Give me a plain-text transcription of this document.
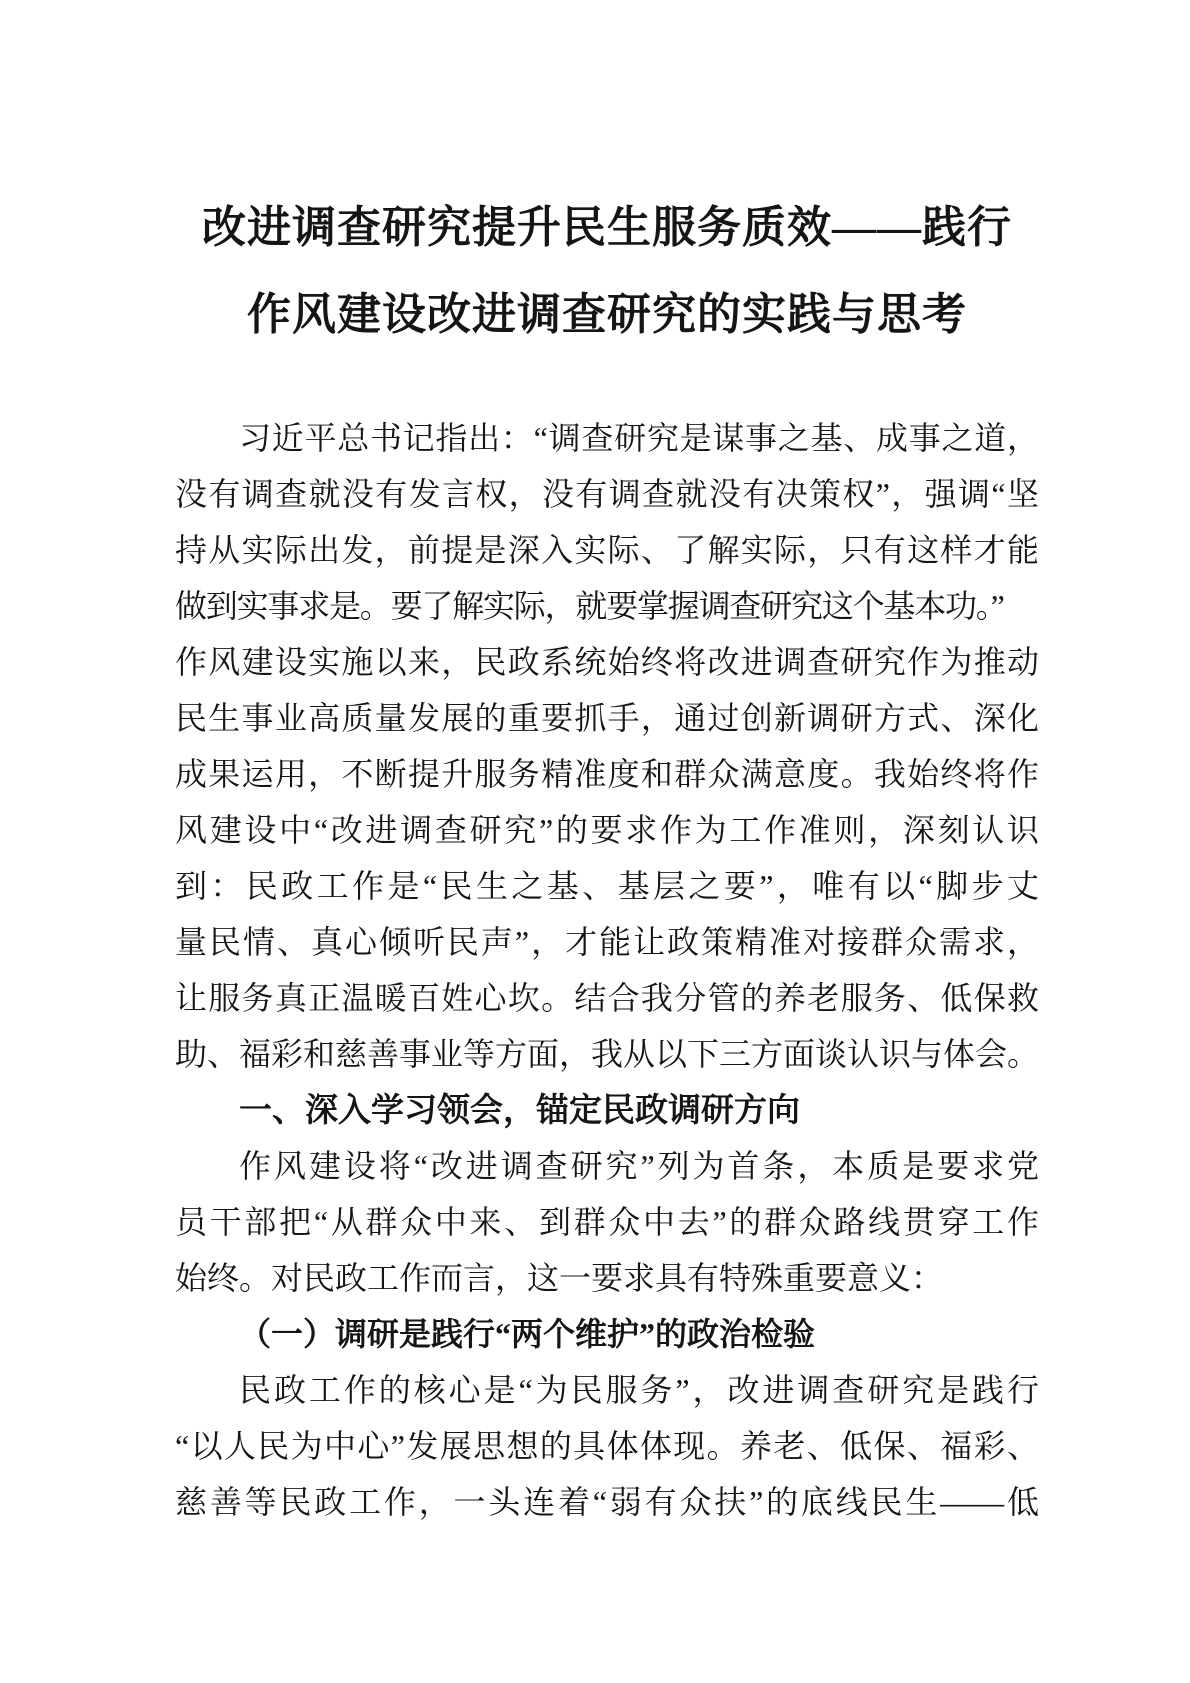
改进调查研究提升民生服务质效——践行
作风建设改进调查研究的实践与思考

习近平总书记指出：“调查研究是谋事之基、成事之道，

没有调查就没有发言权，没有调查就没有决策权”，强调“坚

持从实际出发，前提是深入实际、了解实际，只有这样才能

做到实事求是。要了解实际，就要掌握调查研究这个基本功。”

作风建设实施以来，民政系统始终将改进调查研究作为推动

民生事业高质量发展的重要抓手，通过创新调研方式、深化

成果运用，不断提升服务精准度和群众满意度。我始终将作

风建设中“改进调查研究”的要求作为工作准则，深刻认识

到：民政工作是“民生之基、基层之要”，唯有以“脚步丈

量民情、真心倾听民声”，才能让政策精准对接群众需求，

让服务真正温暖百姓心坎。结合我分管的养老服务、低保救

助、福彩和慈善事业等方面，我从以下三方面谈认识与体会。

一、深入学习领会，锚定民政调研方向

作风建设将“改进调查研究”列为首条，本质是要求党

员干部把“从群众中来、到群众中去”的群众路线贯穿工作

始终。对民政工作而言，这一要求具有特殊重要意义：

（一）调研是践行“两个维护”的政治检验

民政工作的核心是“为民服务”，改进调查研究是践行

“以人民为中心”发展思想的具体体现。养老、低保、福彩、

慈善等民政工作，一头连着“弱有众扶”的底线民生——低
